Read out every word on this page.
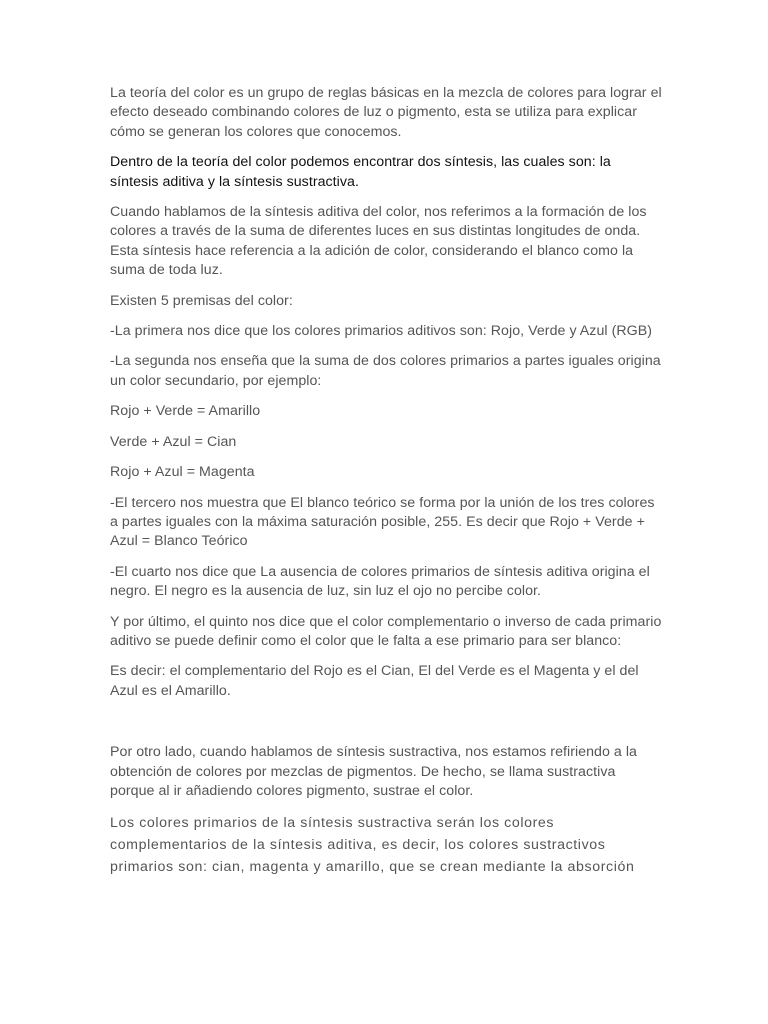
La teoría del color es un grupo de reglas básicas en la mezcla de colores para lograr el efecto deseado combinando colores de luz o pigmento, esta se utiliza para explicar cómo se generan los colores que conocemos.

Dentro de la teoría del color podemos encontrar dos síntesis, las cuales son: la síntesis aditiva y la síntesis sustractiva.

Cuando hablamos de la síntesis aditiva del color, nos referimos a la formación de los colores a través de la suma de diferentes luces en sus distintas longitudes de onda. Esta síntesis hace referencia a la adición de color, considerando el blanco como la suma de toda luz.

Existen 5 premisas del color:

-La primera nos dice que los colores primarios aditivos son: Rojo, Verde y Azul (RGB)

-La segunda nos enseña que la suma de dos colores primarios a partes iguales origina un color secundario, por ejemplo:

Rojo + Verde = Amarillo

Verde + Azul = Cian

Rojo + Azul = Magenta

-El tercero nos muestra que El blanco teórico se forma por la unión de los tres colores a partes iguales con la máxima saturación posible, 255. Es decir que Rojo + Verde + Azul = Blanco Teórico

-El cuarto nos dice que La ausencia de colores primarios de síntesis aditiva origina el negro. El negro es la ausencia de luz, sin luz el ojo no percibe color.

Y por último, el quinto nos dice que el color complementario o inverso de cada primario aditivo se puede definir como el color que le falta a ese primario para ser blanco:

Es decir: el complementario del Rojo es el Cian, El del Verde es el Magenta y el del Azul es el Amarillo.

Por otro lado, cuando hablamos de síntesis sustractiva, nos estamos refiriendo a la obtención de colores por mezclas de pigmentos. De hecho, se llama sustractiva porque al ir añadiendo colores pigmento, sustrae el color.

Los colores primarios de la síntesis sustractiva serán los colores complementarios de la síntesis aditiva, es decir, los colores sustractivos primarios son: cian, magenta y amarillo, que se crean mediante la absorción
